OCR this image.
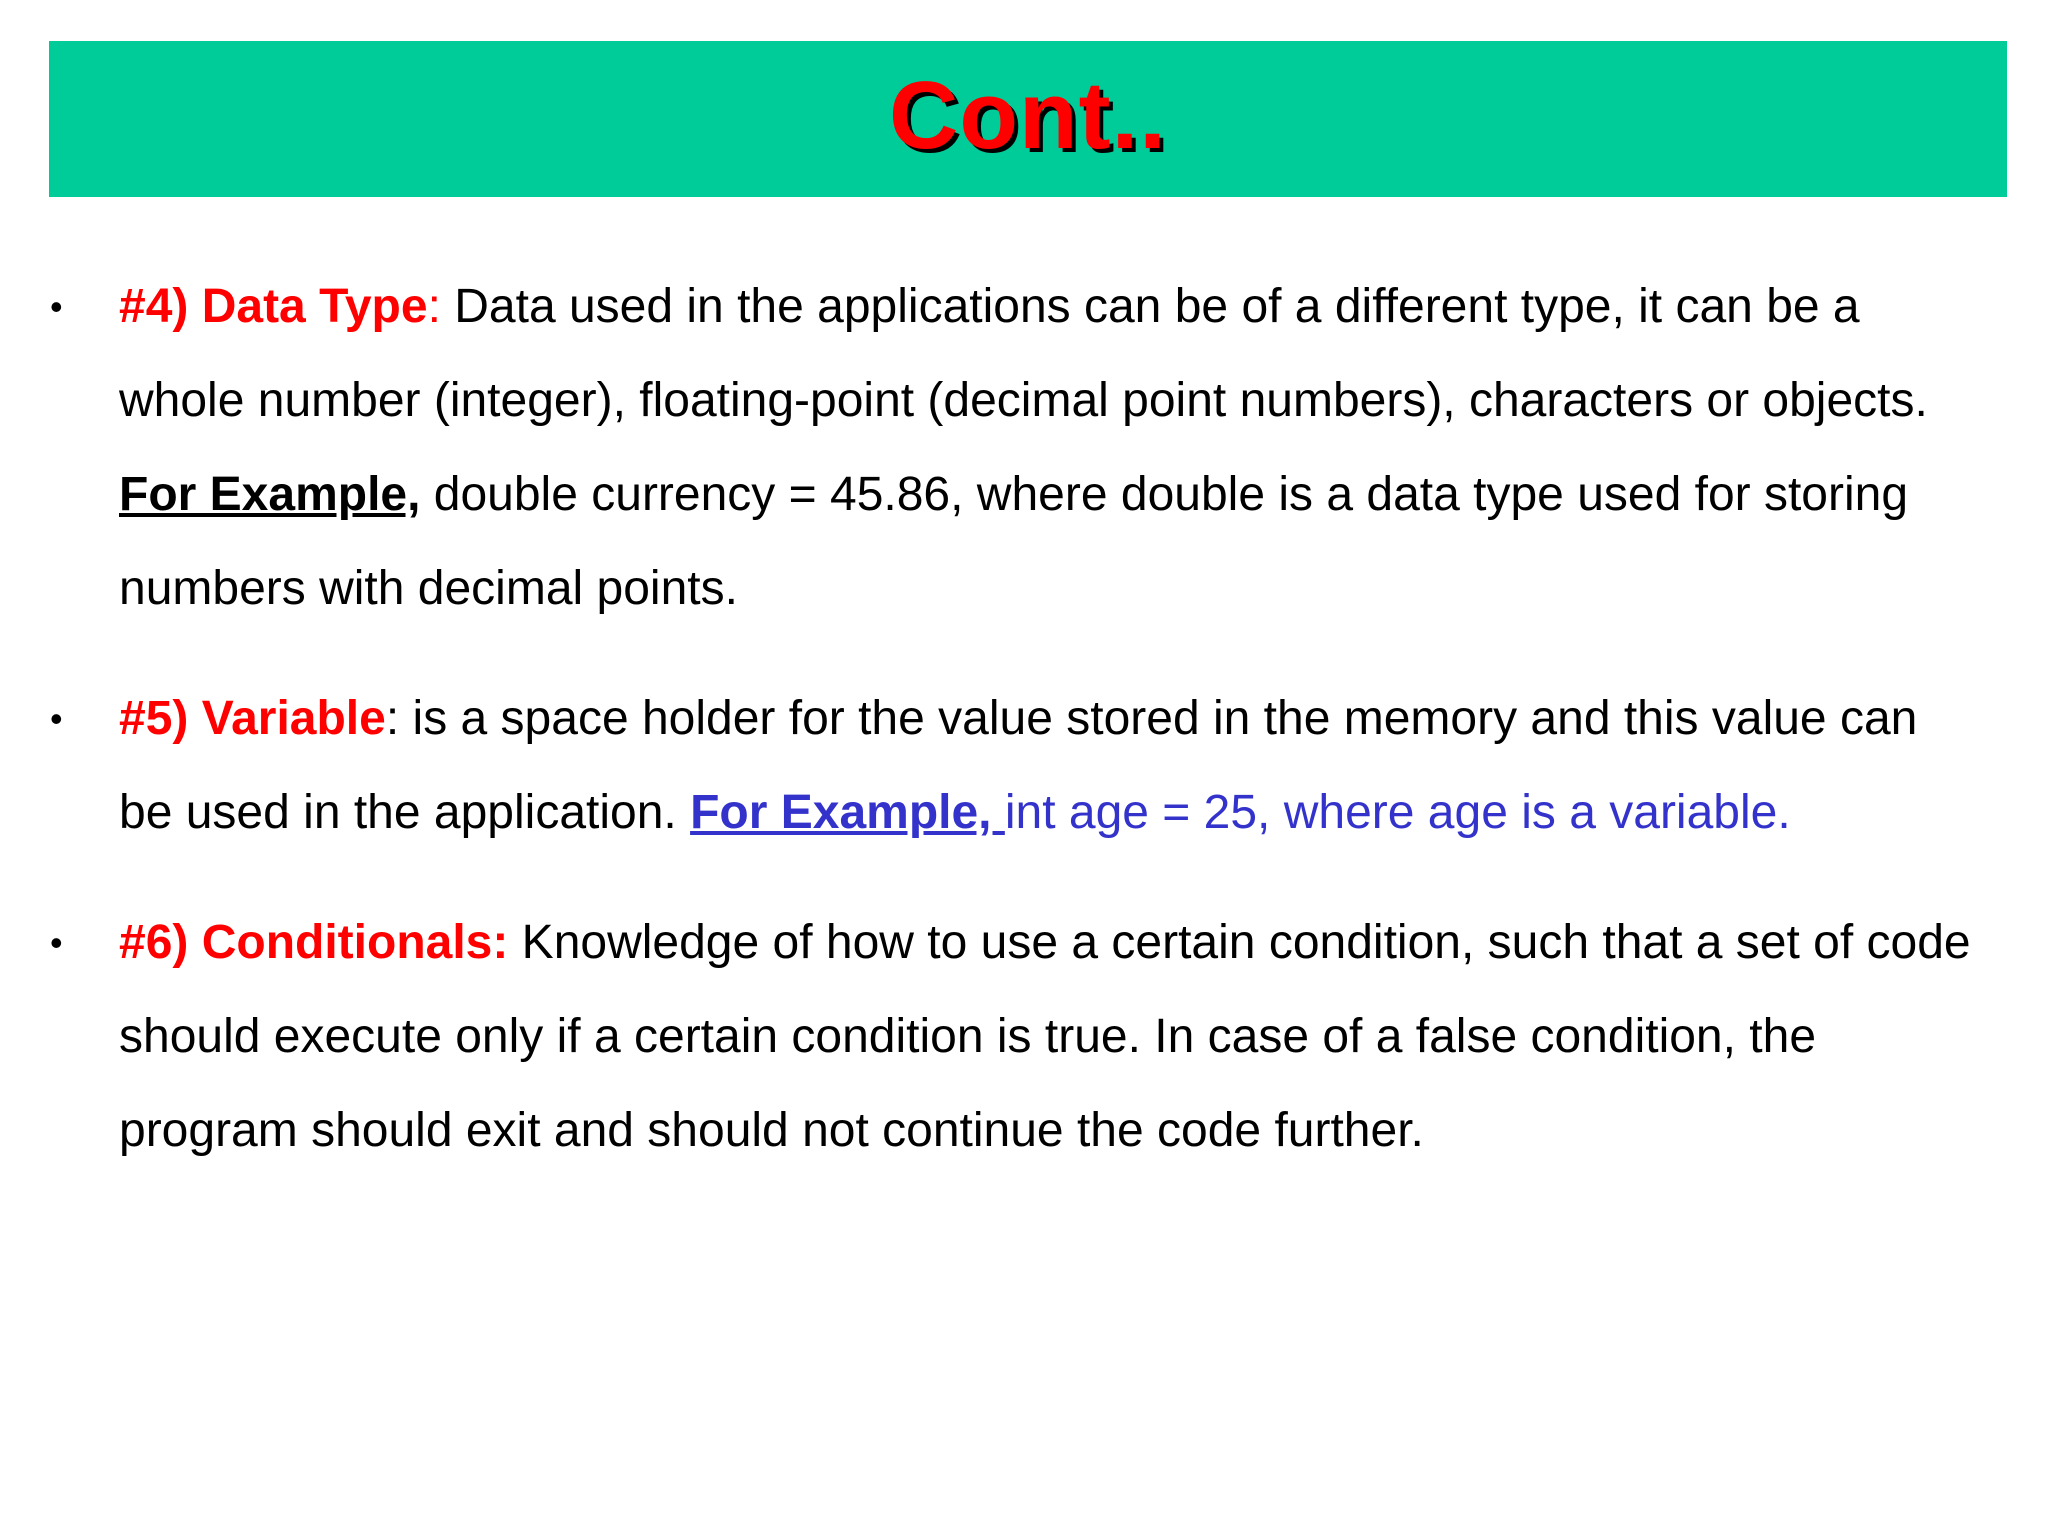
Cont..
• #4) Data Type: Data used in the applications can be of a different type, it can be a whole number (integer), floating-point (decimal point numbers), characters or objects. For Example, double currency = 45.86, where double is a data type used for storing numbers with decimal points.
• #5) Variable: is a space holder for the value stored in the memory and this value can be used in the application. For Example, int age = 25, where age is a variable.
• #6) Conditionals: Knowledge of how to use a certain condition, such that a set of code should execute only if a certain condition is true. In case of a false condition, the program should exit and should not continue the code further.
